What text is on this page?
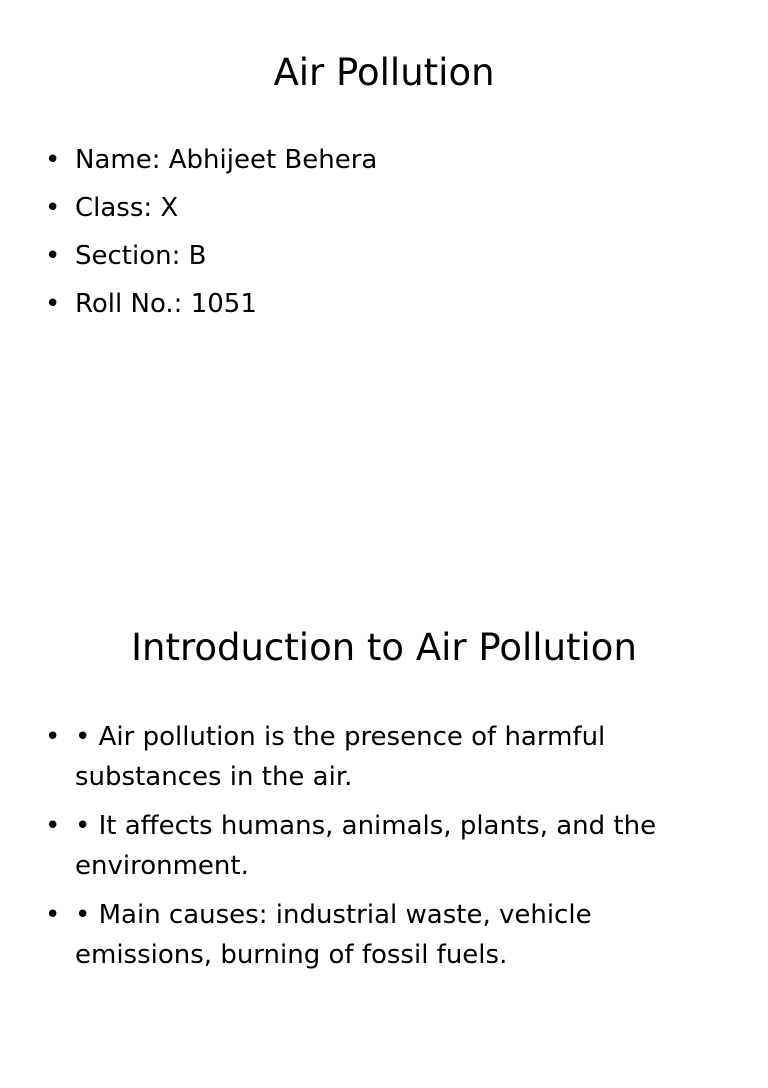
Air Pollution
• Name: Abhijeet Behera
• Class: X
• Section: B
• Roll No.: 1051
Introduction to Air Pollution
• • Air pollution is the presence of harmful substances in the air.
• • It affects humans, animals, plants, and the environment.
• • Main causes: industrial waste, vehicle emissions, burning of fossil fuels.
